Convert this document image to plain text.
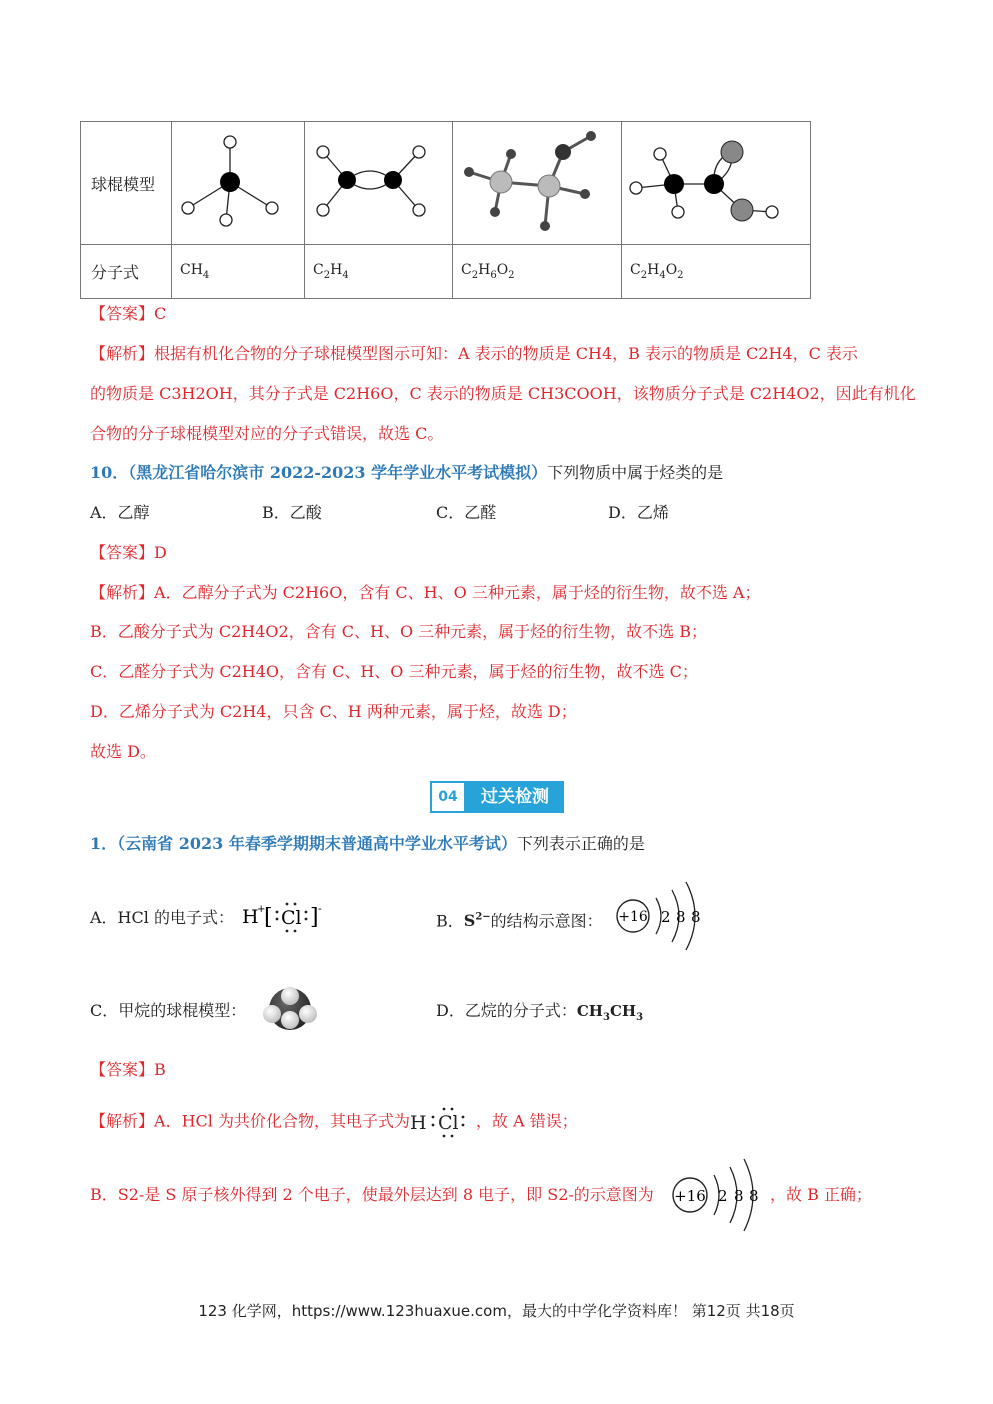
球棍模型				
分子式	$CH_4$	$C_2H_4$	$C_2H_6O_2$	$C_2H_4O_2$
【答案】C
【解析】根据有机化合物的分子球棍模型图示可知：A 表示的物质是 CH4，B 表示的物质是 C2H4，C 表示
的物质是 C3H2OH，其分子式是 C2H6O，C 表示的物质是 CH3COOH，该物质分子式是 C2H4O2，因此有机化
合物的分子球棍模型对应的分子式错误，故选 C。
10．（黑龙江省哈尔滨市 2022-2023 学年学业水平考试模拟）下列物质中属于烃类的是
A．乙醇	B．乙酸	C．乙醛	D．乙烯
【答案】D
【解析】A．乙醇分子式为 C2H6O，含有 C、H、O 三种元素，属于烃的衍生物，故不选 A；
B．乙酸分子式为 C2H4O2，含有 C、H、O 三种元素，属于烃的衍生物，故不选 B；
C．乙醛分子式为 C2H4O，含有 C、H、O 三种元素，属于烃的衍生物，故不选 C；
D．乙烯分子式为 C2H4，只含 C、H 两种元素，属于烃，故选 D；
故选 D。
04	过关检测
1．（云南省 2023 年春季学期期末普通高中学业水平考试）下列表示正确的是
A．HCl 的电子式： H
+
[ Cl ] -
B．$S^{2-}$的结构示意图： +16 2 8 8
C．甲烷的球棍模型：	D．乙烷的分子式：$CH_3CH_3$
【答案】B
【解析】A．HCl 为共价化合物，其电子式为 H Cl ，故 A 错误；
B．S2-是 S 原子核外得到 2 个电子，使最外层达到 8 电子，即 S2-的示意图为 +16 2 8 8 ，故 B 正确；
123 化学网，https://www.123huaxue.com，最大的中学化学资料库！ 第12页 共18页
